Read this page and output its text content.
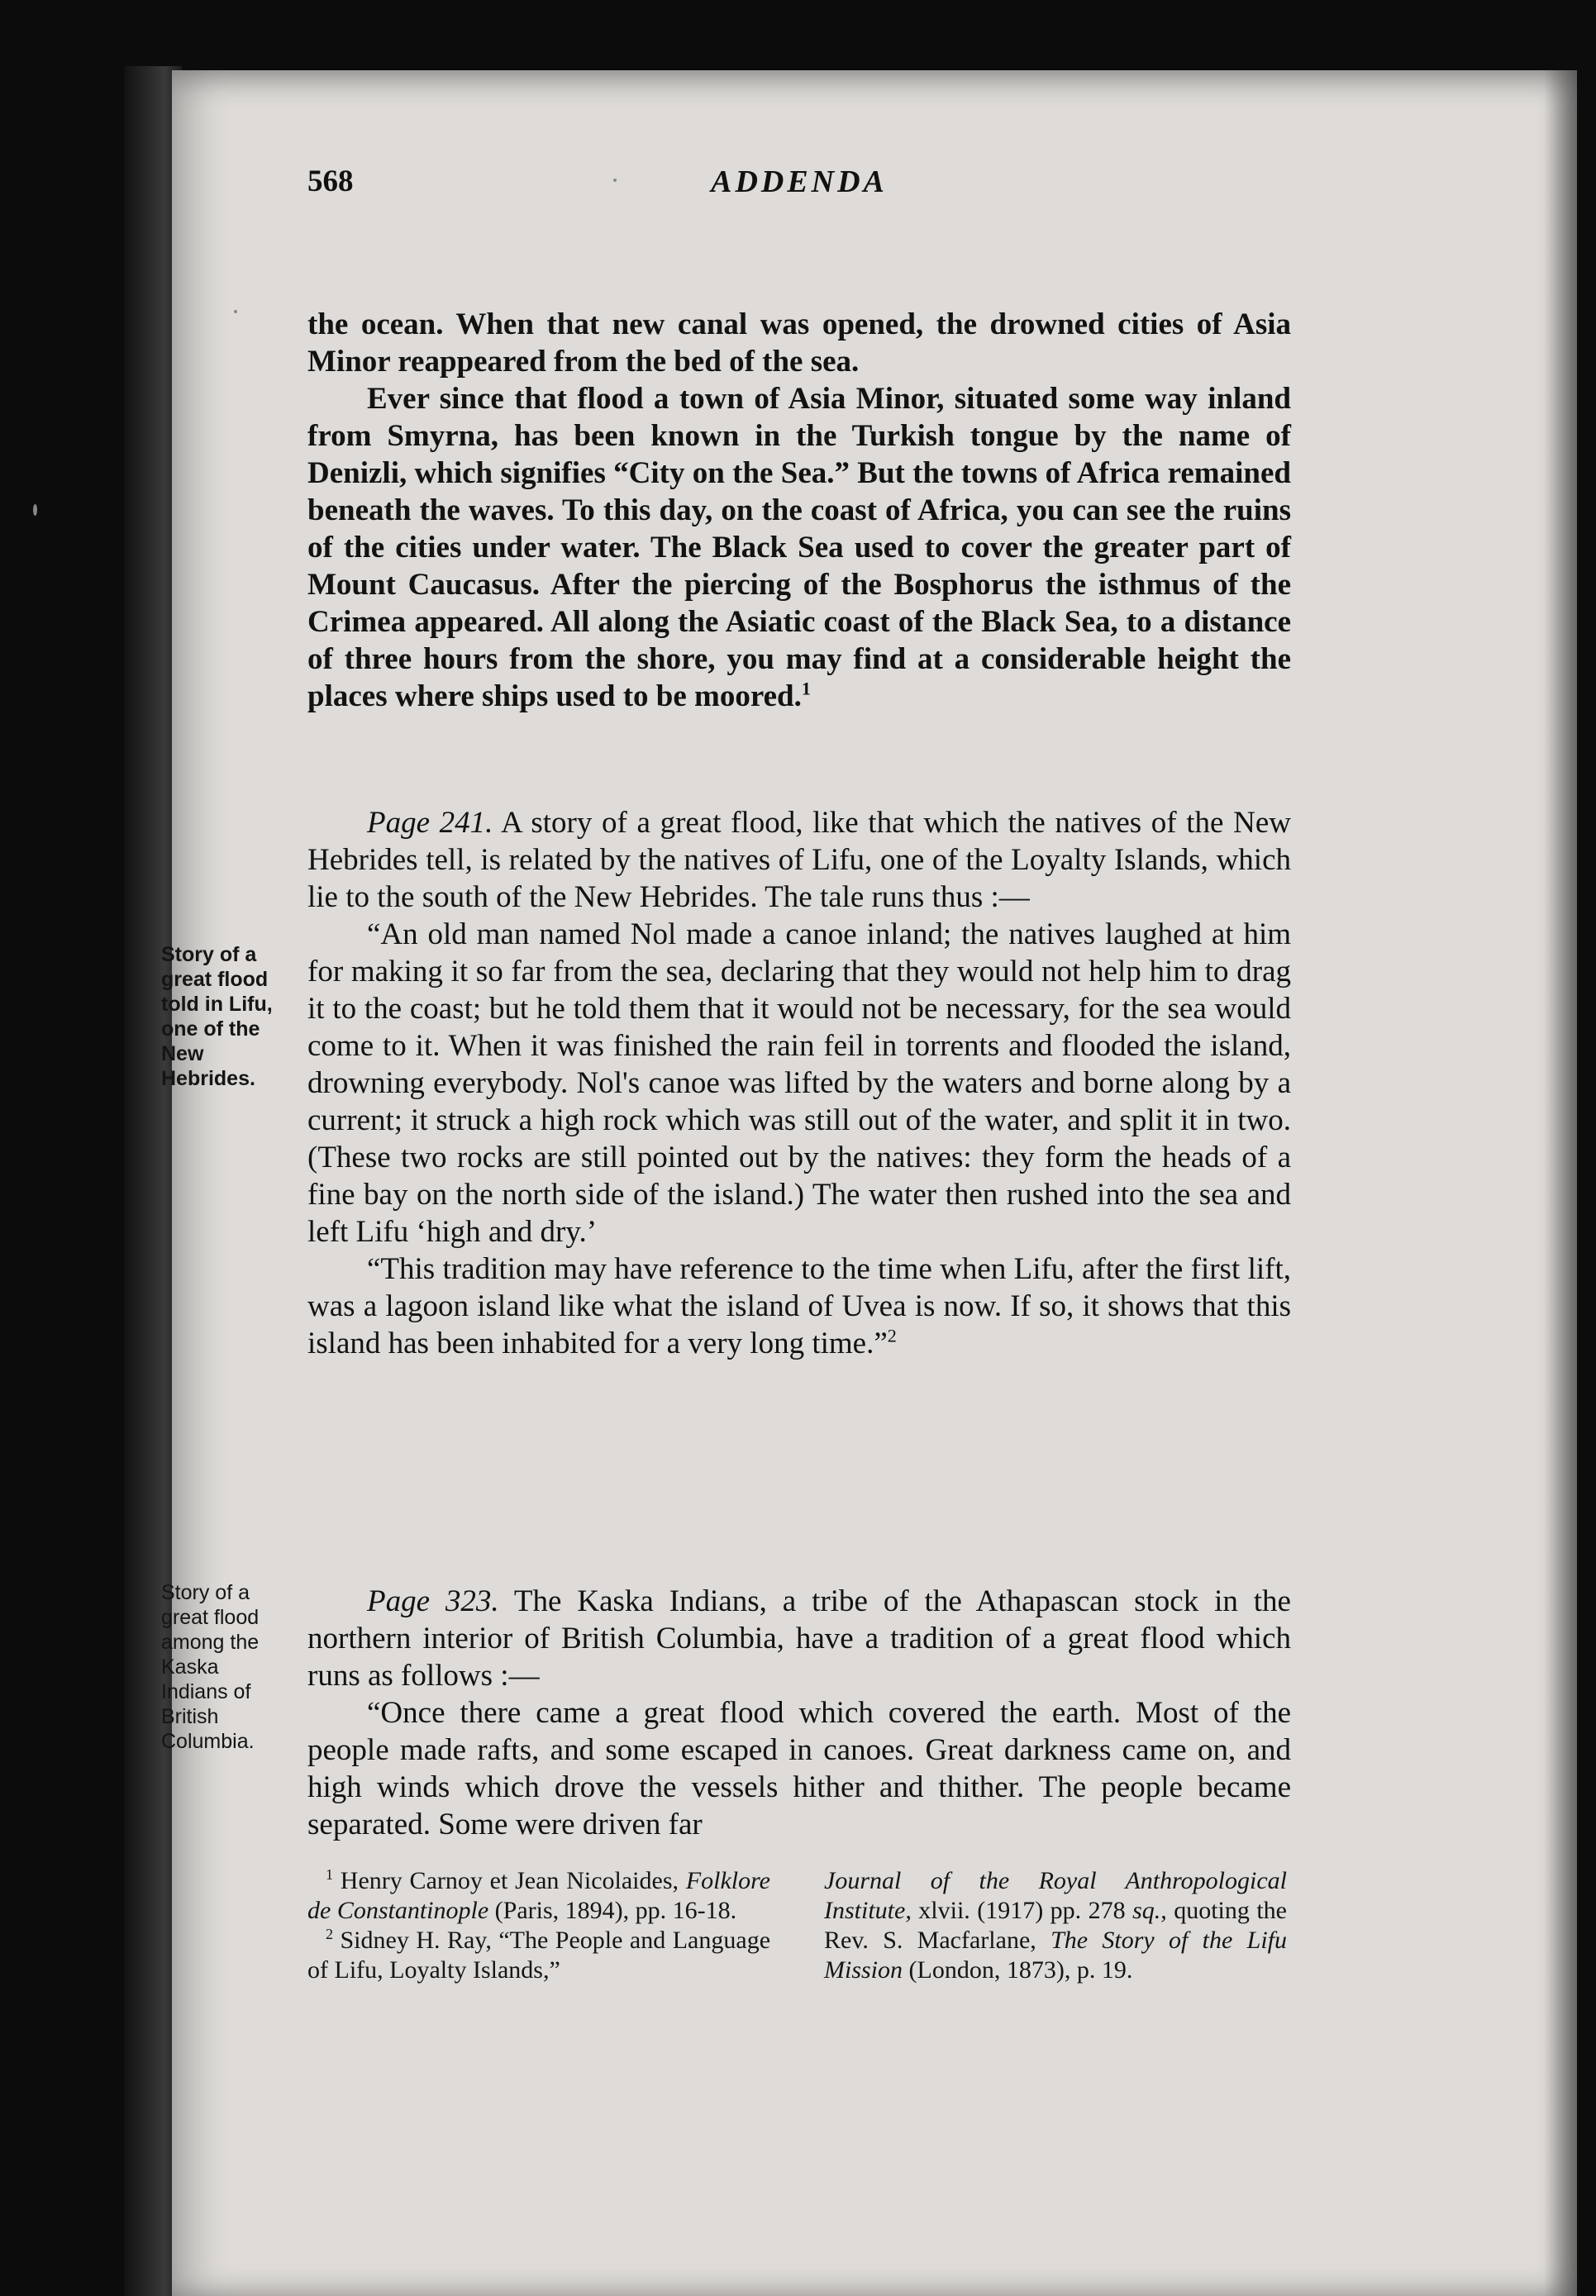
568	ADDENDA

the ocean. When that new canal was opened, the drowned cities of Asia Minor reappeared from the bed of the sea.

Ever since that flood a town of Asia Minor, situated some way inland from Smyrna, has been known in the Turkish tongue by the name of Denizli, which signifies “City on the Sea.” But the towns of Africa remained beneath the waves. To this day, on the coast of Africa, you can see the ruins of the cities under water. The Black Sea used to cover the greater part of Mount Caucasus. After the piercing of the Bosphorus the isthmus of the Crimea appeared. All along the Asiatic coast of the Black Sea, to a distance of three hours from the shore, you may find at a considerable height the places where ships used to be moored.$^1$

Page 241. A story of a great flood, like that which the natives of the New Hebrides tell, is related by the natives of Lifu, one of the Loyalty Islands, which lie to the south of the New Hebrides. The tale runs thus :—

“An old man named Nol made a canoe inland; the natives laughed at him for making it so far from the sea, declaring that they would not help him to drag it to the coast; but he told them that it would not be necessary, for the sea would come to it. When it was finished the rain feil in torrents and flooded the island, drowning everybody. Nol's canoe was lifted by the waters and borne along by a current; it struck a high rock which was still out of the water, and split it in two. (These two rocks are still pointed out by the natives: they form the heads of a fine bay on the north side of the island.) The water then rushed into the sea and left Lifu ‘high and dry.’

“This tradition may have reference to the time when Lifu, after the first lift, was a lagoon island like what the island of Uvea is now. If so, it shows that this island has been inhabited for a very long time.”$^2$

Story of a great flood told in Lifu, one of the New Hebrides.

Page 323. The Kaska Indians, a tribe of the Athapascan stock in the northern interior of British Columbia, have a tradition of a great flood which runs as follows :—

“Once there came a great flood which covered the earth. Most of the people made rafts, and some escaped in canoes. Great darkness came on, and high winds which drove the vessels hither and thither. The people became separated. Some were driven far

Story of a great flood among the Kaska Indians of British Columbia.

$^1$ Henry Carnoy et Jean Nicolaides, Folklore de Constantinople (Paris, 1894), pp. 16-18.

$^2$ Sidney H. Ray, “The People and Language of Lifu, Loyalty Islands,”

Journal of the Royal Anthropological Institute, xlvii. (1917) pp. 278 sq., quoting the Rev. S. Macfarlane, The Story of the Lifu Mission (London, 1873), p. 19.
